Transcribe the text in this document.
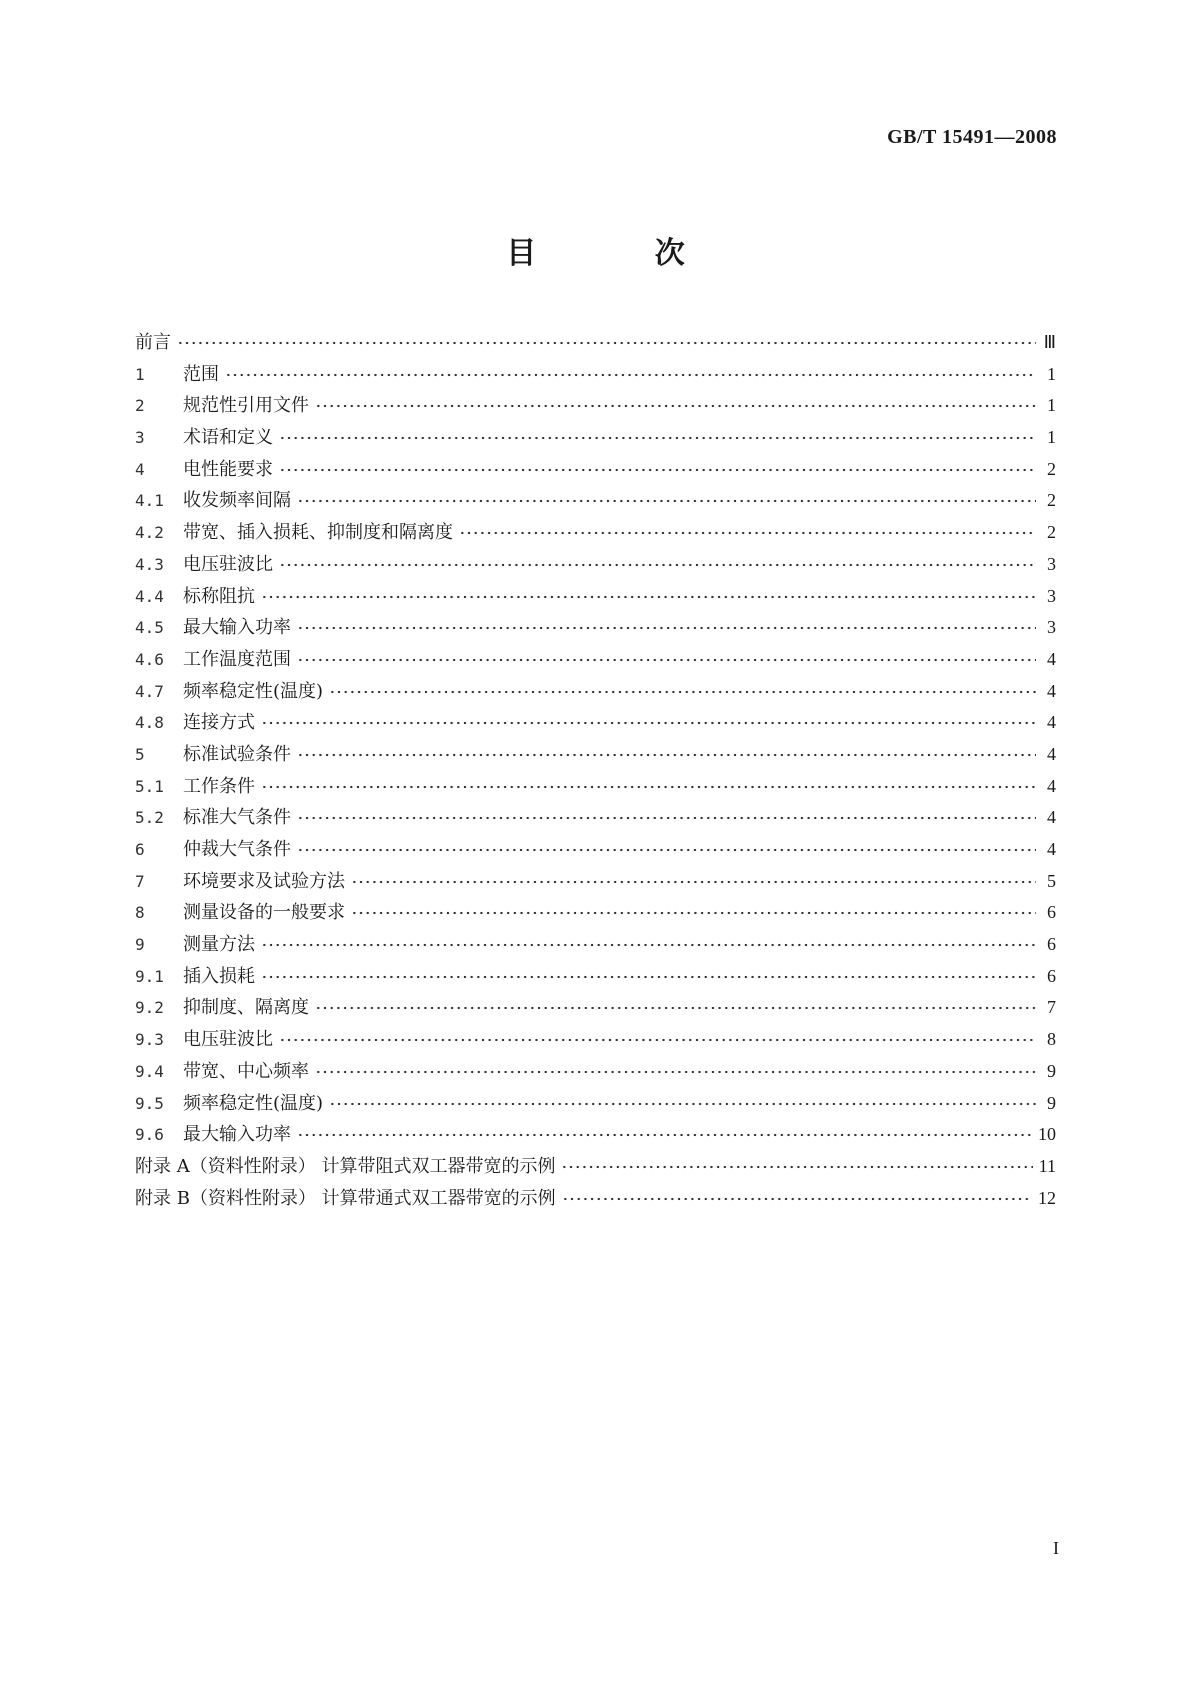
GB/T 15491—2008
目 次
前言	Ⅲ
1	范围	1
2	规范性引用文件	1
3	术语和定义	1
4	电性能要求	2
4.1	收发频率间隔	2
4.2	带宽、插入损耗、抑制度和隔离度	2
4.3	电压驻波比	3
4.4	标称阻抗	3
4.5	最大输入功率	3
4.6	工作温度范围	4
4.7	频率稳定性(温度)	4
4.8	连接方式	4
5	标准试验条件	4
5.1	工作条件	4
5.2	标准大气条件	4
6	仲裁大气条件	4
7	环境要求及试验方法	5
8	测量设备的一般要求	6
9	测量方法	6
9.1	插入损耗	6
9.2	抑制度、隔离度	7
9.3	电压驻波比	8
9.4	带宽、中心频率	9
9.5	频率稳定性(温度)	9
9.6	最大输入功率	10
附录 A（资料性附录） 计算带阻式双工器带宽的示例	11
附录 B（资料性附录） 计算带通式双工器带宽的示例	12
I
